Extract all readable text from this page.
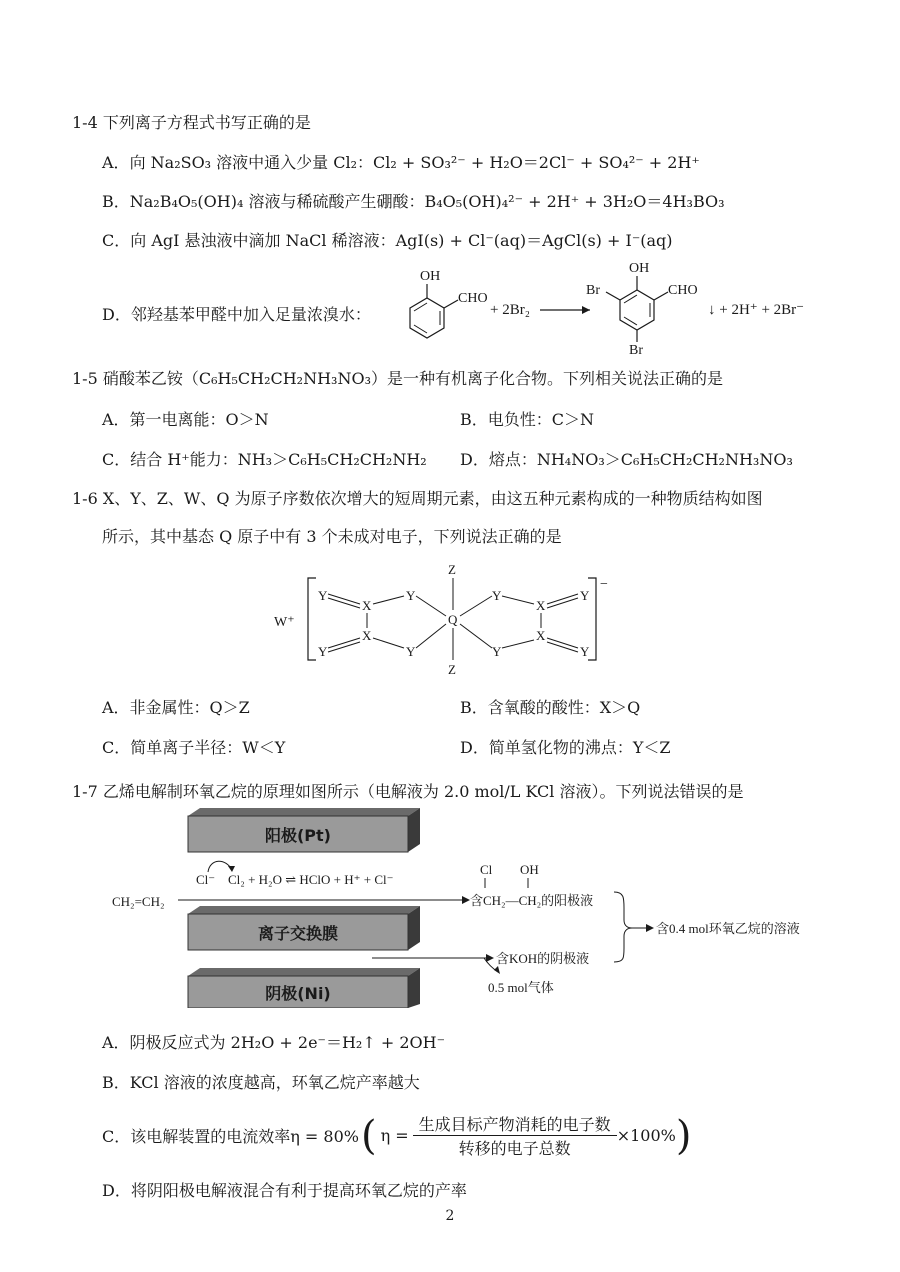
1-4 下列离子方程式书写正确的是
A．向 Na₂SO₃ 溶液中通入少量 Cl₂：Cl₂ + SO₃²⁻ + H₂O＝2Cl⁻ + SO₄²⁻ + 2H⁺
B．Na₂B₄O₅(OH)₄ 溶液与稀硫酸产生硼酸：B₄O₅(OH)₄²⁻ + 2H⁺ + 3H₂O＝4H₃BO₃
C．向 AgI 悬浊液中滴加 NaCl 稀溶液：AgI(s) + Cl⁻(aq)＝AgCl(s) + I⁻(aq)
D．邻羟基苯甲醛中加入足量浓溴水：
OH
CHO
+ 2Br₂
OH
CHO
Br
Br
↓ + 2H⁺ + 2Br⁻
1-5 硝酸苯乙铵（C₆H₅CH₂CH₂NH₃NO₃）是一种有机离子化合物。下列相关说法正确的是
A．第一电离能：O＞N	B．电负性：C＞N
C．结合 H⁺能力：NH₃＞C₆H₅CH₂CH₂NH₂ D．熔点：NH₄NO₃＞C₆H₅CH₂CH₂NH₃NO₃
1-6 X、Y、Z、W、Q 为原子序数依次增大的短周期元素，由这五种元素构成的一种物质结构如图
所示，其中基态 Q 原子中有 3 个未成对电子，下列说法正确的是
W⁺
−
Y
Y
X
X
Y
Y
Z
Q
Z
Y
Y
X
X
Y
Y
A．非金属性：Q＞Z	B．含氧酸的酸性：X＞Q
C．简单离子半径：W＜Y	D．简单氢化物的沸点：Y＜Z
1-7 乙烯电解制环氧乙烷的原理如图所示（电解液为 2.0 mol/L KCl 溶液）。下列说法错误的是
阳极(Pt)
离子交换膜
阴极(Ni)
Cl⁻ Cl₂ + H₂O ⇌ HClO + H⁺ + Cl⁻
CH₂=CH₂
Cl OH
含CH₂—CH₂的阳极液
含KOH的阴极液
0.5 mol气体
含0.4 mol环氧乙烷的溶液
A．阴极反应式为 2H₂O + 2e⁻＝H₂↑ + 2OH⁻
B．KCl 溶液的浓度越高，环氧乙烷产率越大
C．该电解装置的电流效率η = 80% ( $\eta = \frac{\text{生成目标产物消耗的电子数}}{\text{转移的电子总数}} \times 100\%$ )
D．将阴阳极电解液混合有利于提高环氧乙烷的产率
2
